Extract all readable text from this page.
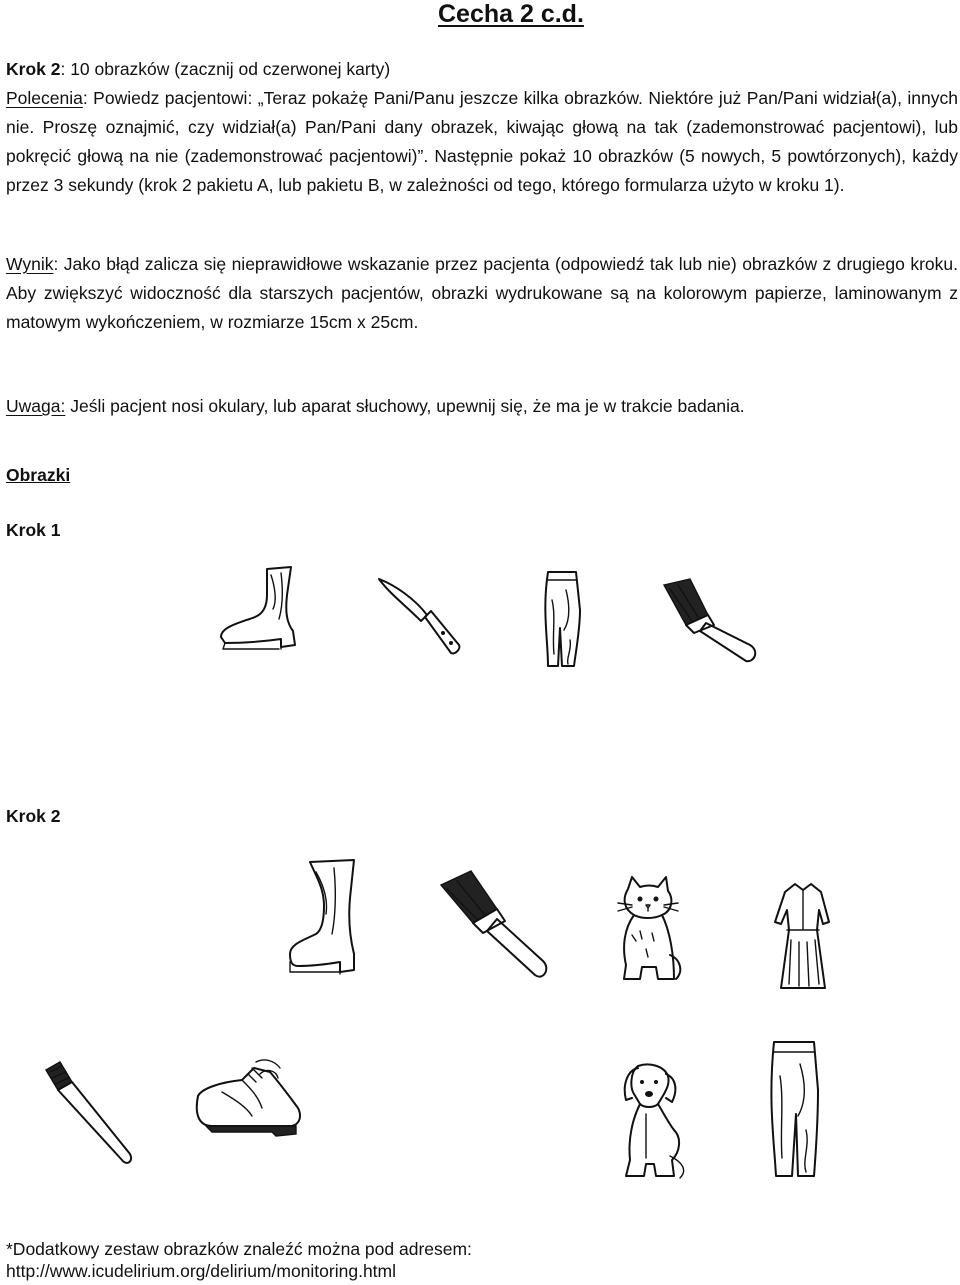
Cecha 2 c.d.
Krok 2: 10 obrazków (zacznij od czerwonej karty)
Polecenia: Powiedz pacjentowi: „Teraz pokażę Pani/Panu jeszcze kilka obrazków. Niektóre już Pan/Pani widział(a), innych nie. Proszę oznajmić, czy widział(a) Pan/Pani dany obrazek, kiwając głową na tak (zademonstrować pacjentowi), lub pokręcić głową na nie (zademonstrować pacjentowi)”. Następnie pokaż 10 obrazków (5 nowych, 5 powtórzonych), każdy przez 3 sekundy (krok 2 pakietu A, lub pakietu B, w zależności od tego, którego formularza użyto w kroku 1).
Wynik: Jako błąd zalicza się nieprawidłowe wskazanie przez pacjenta (odpowiedź tak lub nie) obrazków z drugiego kroku. Aby zwiększyć widoczność dla starszych pacjentów, obrazki wydrukowane są na kolorowym papierze, laminowanym z matowym wykończeniem, w rozmiarze 15cm x 25cm.
Uwaga: Jeśli pacjent nosi okulary, lub aparat słuchowy, upewnij się, że ma je w trakcie badania.
Obrazki
Krok 1
Krok 2
*Dodatkowy zestaw obrazków znaleźć można pod adresem:
http://www.icudelirium.org/delirium/monitoring.html
